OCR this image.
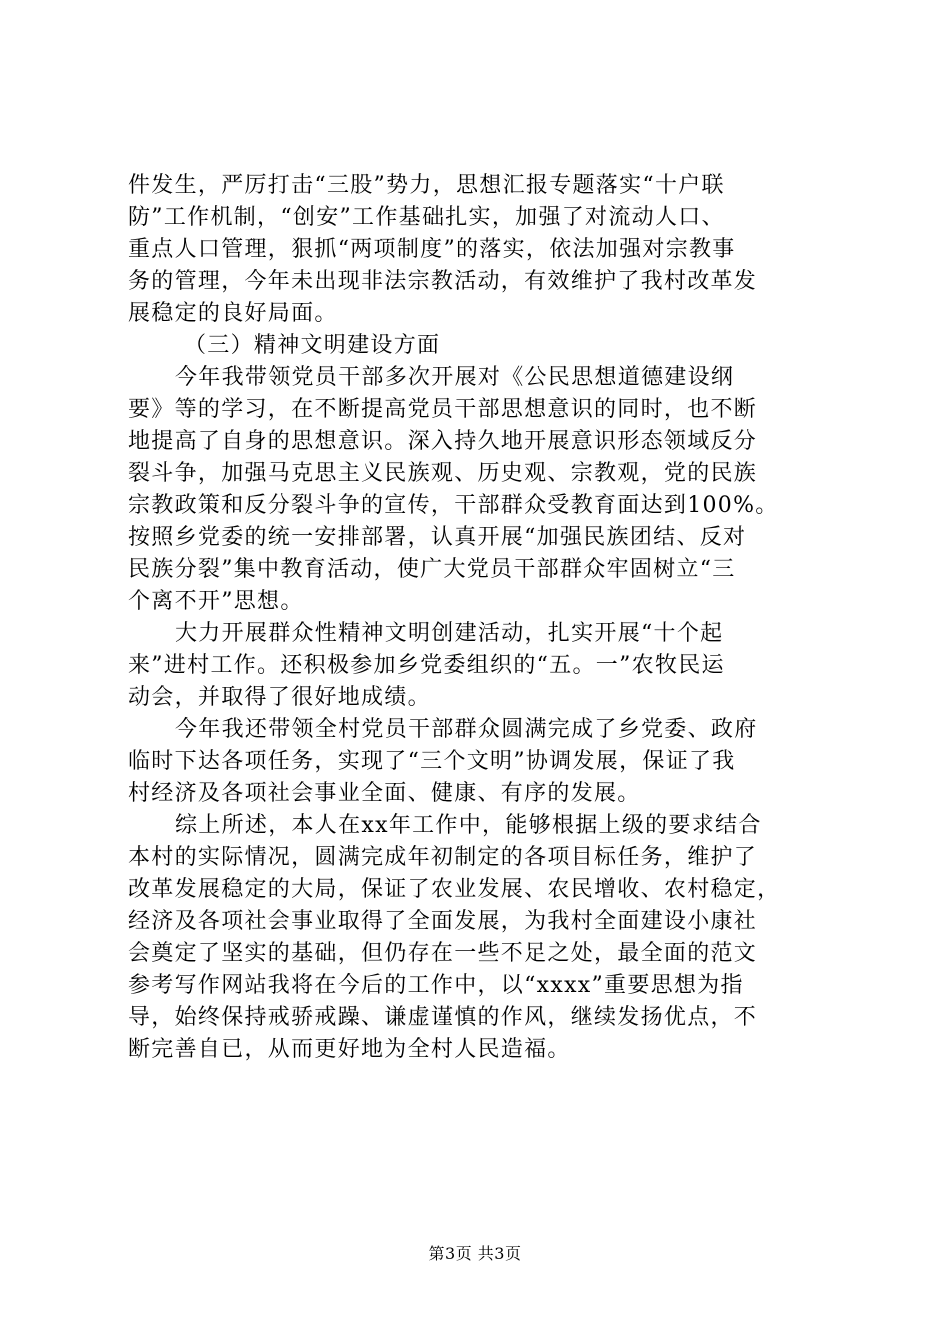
件发生，严厉打击“三股”势力，思想汇报专题落实“十户联
防”工作机制，“创安”工作基础扎实，加强了对流动人口、
重点人口管理，狠抓“两项制度”的落实，依法加强对宗教事
务的管理，今年未出现非法宗教活动，有效维护了我村改革发
展稳定的良好局面。
（三）精神文明建设方面
今年我带领党员干部多次开展对《公民思想道德建设纲
要》等的学习，在不断提高党员干部思想意识的同时，也不断
地提高了自身的思想意识。深入持久地开展意识形态领域反分
裂斗争，加强马克思主义民族观、历史观、宗教观，党的民族
宗教政策和反分裂斗争的宣传，干部群众受教育面达到100%。
按照乡党委的统一安排部署，认真开展“加强民族团结、反对
民族分裂”集中教育活动，使广大党员干部群众牢固树立“三
个离不开”思想。
大力开展群众性精神文明创建活动，扎实开展“十个起
来”进村工作。还积极参加乡党委组织的“五。一”农牧民运
动会，并取得了很好地成绩。
今年我还带领全村党员干部群众圆满完成了乡党委、政府
临时下达各项任务，实现了“三个文明”协调发展，保证了我
村经济及各项社会事业全面、健康、有序的发展。
综上所述，本人在xx年工作中，能够根据上级的要求结合
本村的实际情况，圆满完成年初制定的各项目标任务，维护了
改革发展稳定的大局，保证了农业发展、农民增收、农村稳定，
经济及各项社会事业取得了全面发展，为我村全面建设小康社
会奠定了坚实的基础，但仍存在一些不足之处，最全面的范文
参考写作网站我将在今后的工作中，以“xxxx”重要思想为指
导，始终保持戒骄戒躁、谦虚谨慎的作风，继续发扬优点，不
断完善自已，从而更好地为全村人民造福。
第3页 共3页
